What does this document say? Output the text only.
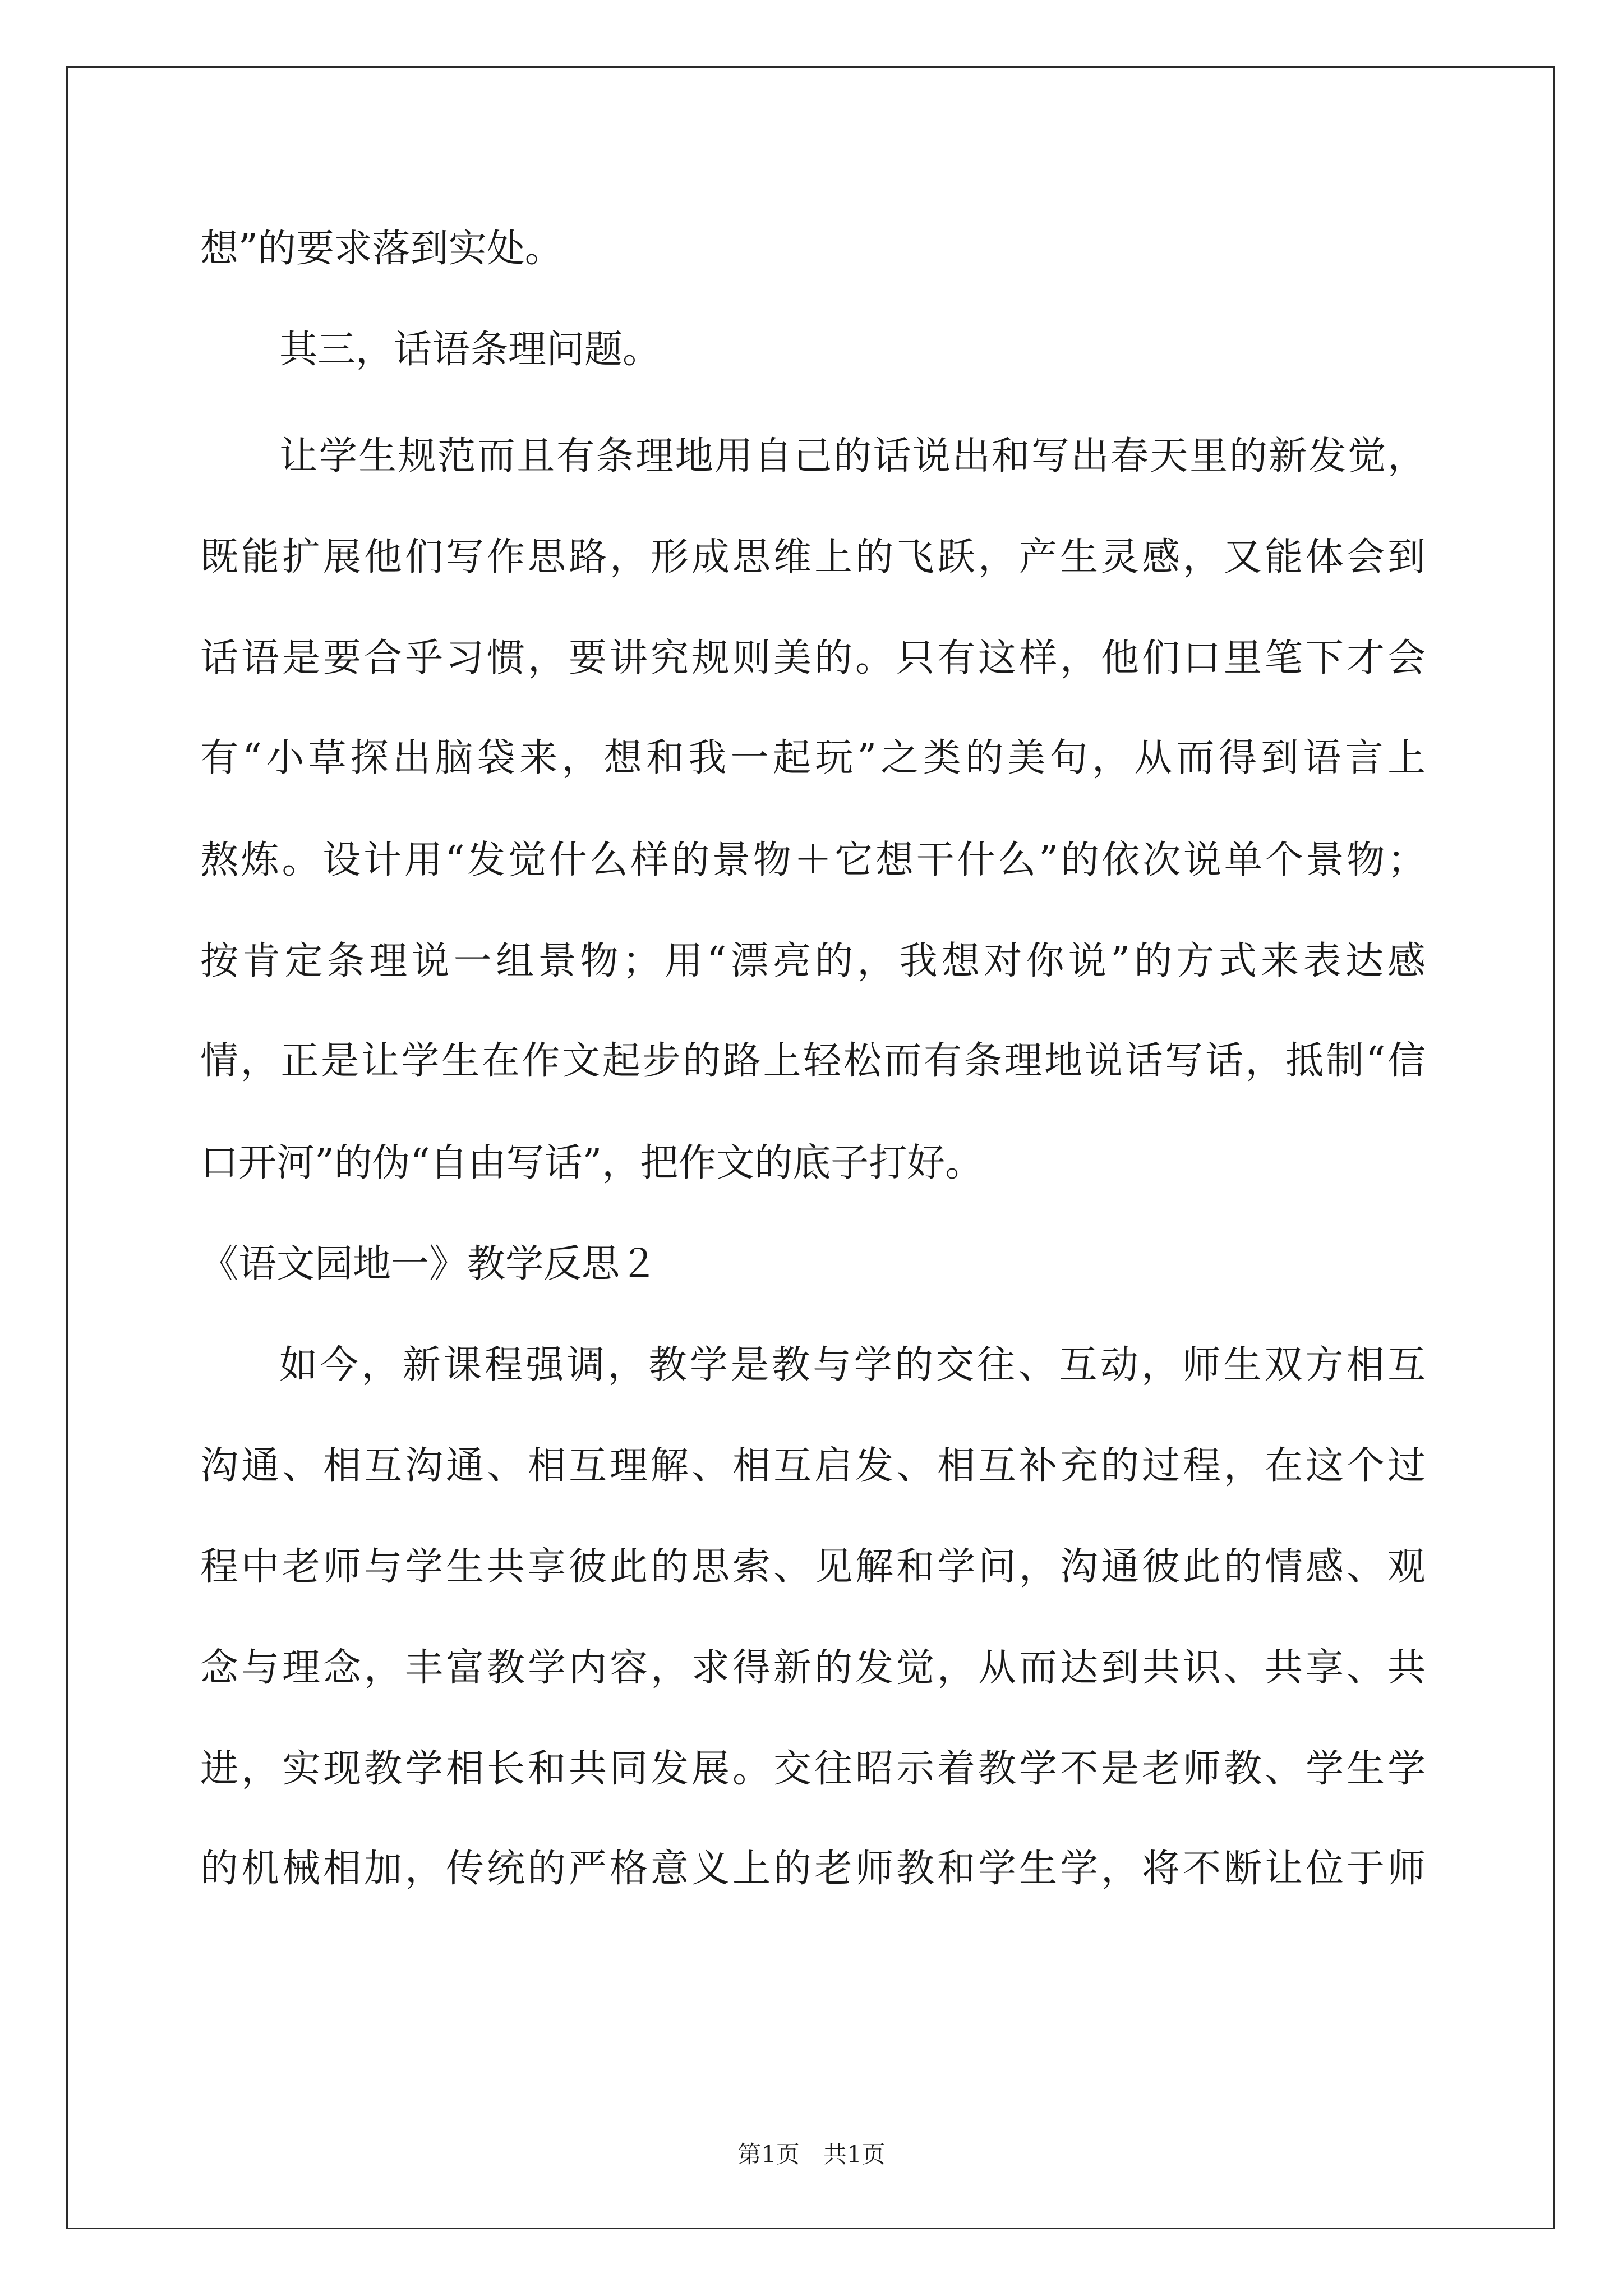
想”的要求落到实处。
其三，话语条理问题。
让学生规范而且有条理地用自己的话说出和写出春天里的新发觉，
既能扩展他们写作思路，形成思维上的飞跃，产生灵感，又能体会到
话语是要合乎习惯，要讲究规则美的。只有这样，他们口里笔下才会
有“小草探出脑袋来，想和我一起玩”之类的美句，从而得到语言上
熬炼。设计用“发觉什么样的景物＋它想干什么”的依次说单个景物；
按肯定条理说一组景物；用“漂亮的，我想对你说”的方式来表达感
情，正是让学生在作文起步的路上轻松而有条理地说话写话，抵制“信
口开河”的伪“自由写话”，把作文的底子打好。
《语文园地一》教学反思２
如今，新课程强调，教学是教与学的交往、互动，师生双方相互
沟通、相互沟通、相互理解、相互启发、相互补充的过程，在这个过
程中老师与学生共享彼此的思索、见解和学问，沟通彼此的情感、观
念与理念，丰富教学内容，求得新的发觉，从而达到共识、共享、共
进，实现教学相长和共同发展。交往昭示着教学不是老师教、学生学
的机械相加，传统的严格意义上的老师教和学生学，将不断让位于师
第1页　共1页
